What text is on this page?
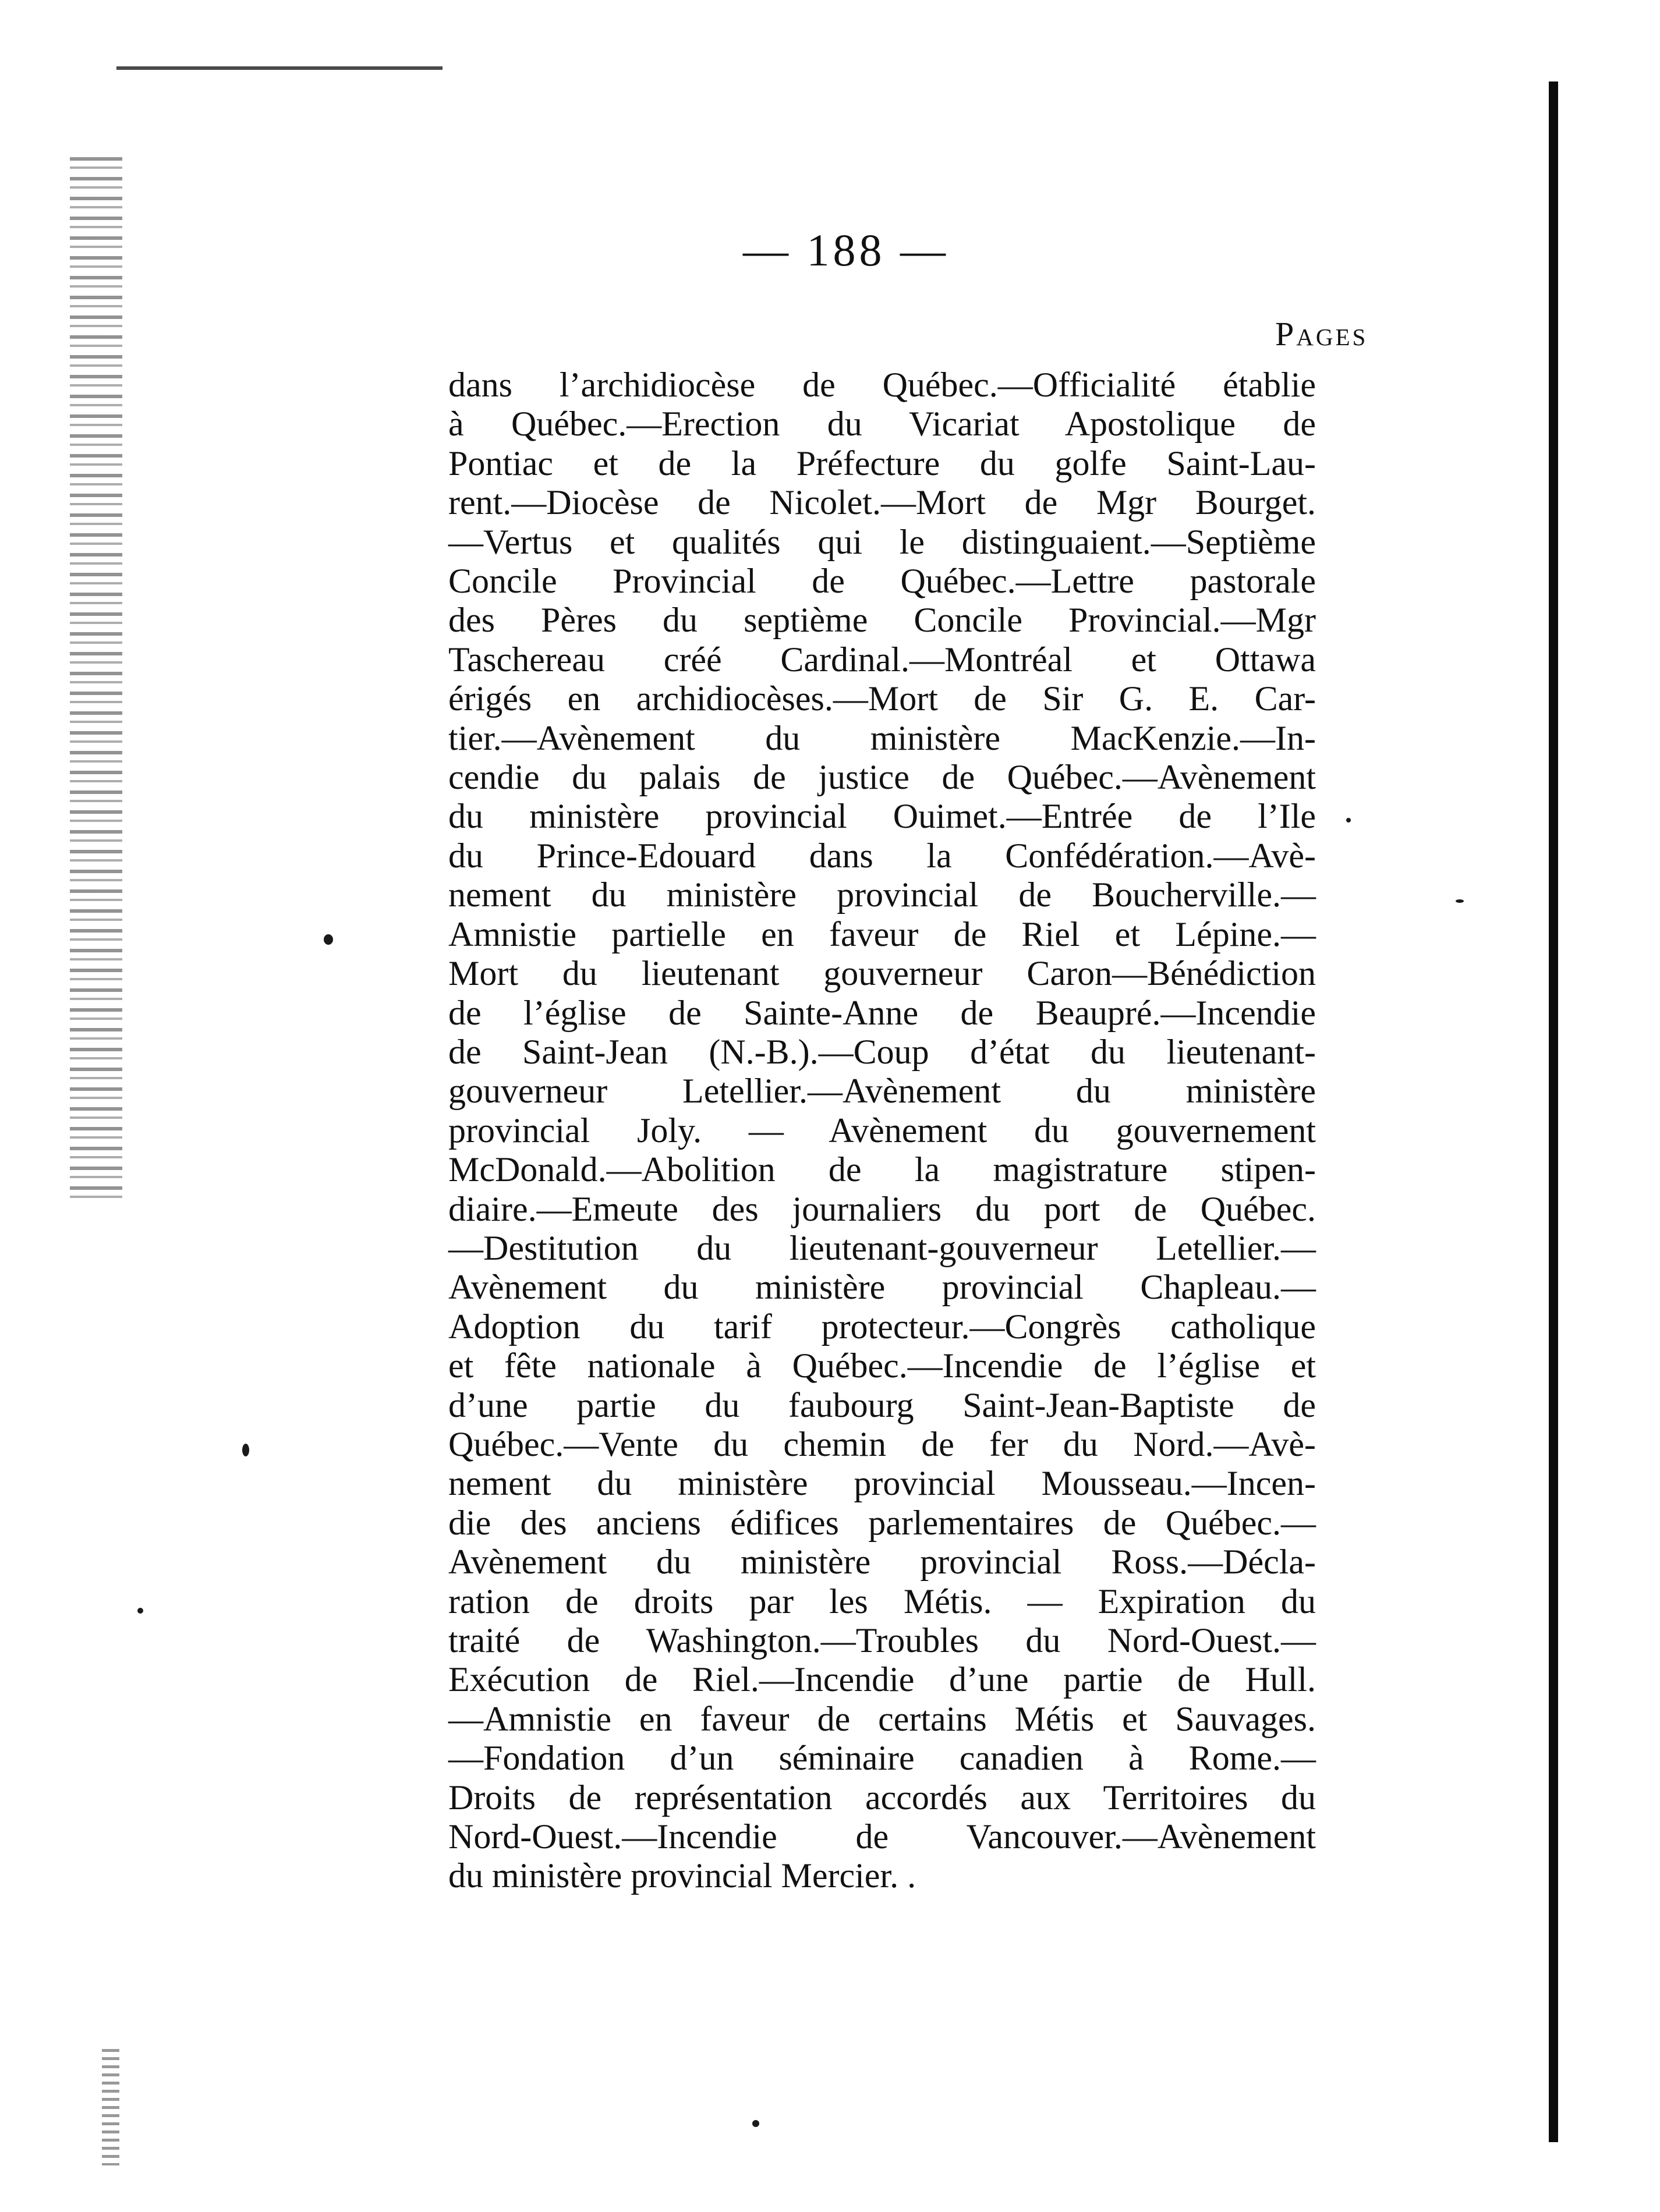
— 188 —
Pages
dans l’archidiocèse de Québec.—Officialité établie
à Québec.—Erection du Vicariat Apostolique de
Pontiac et de la Préfecture du golfe Saint-Lau-
rent.—Diocèse de Nicolet.—Mort de Mgr Bourget.
—Vertus et qualités qui le distinguaient.—Septième
Concile Provincial de Québec.—Lettre pastorale
des Pères du septième Concile Provincial.—Mgr
Taschereau créé Cardinal.—Montréal et Ottawa
érigés en archidiocèses.—Mort de Sir G. E. Car-
tier.—Avènement du ministère MacKenzie.—In-
cendie du palais de justice de Québec.—Avènement
du ministère provincial Ouimet.—Entrée de l’Ile
du Prince-Edouard dans la Confédération.—Avè-
nement du ministère provincial de Boucherville.—
Amnistie partielle en faveur de Riel et Lépine.—
Mort du lieutenant gouverneur Caron—Bénédiction
de l’église de Sainte-Anne de Beaupré.—Incendie
de Saint-Jean (N.-B.).—Coup d’état du lieutenant-
gouverneur Letellier.—Avènement du ministère
provincial Joly. — Avènement du gouvernement
McDonald.—Abolition de la magistrature stipen-
diaire.—Emeute des journaliers du port de Québec.
—Destitution du lieutenant-gouverneur Letellier.—
Avènement du ministère provincial Chapleau.—
Adoption du tarif protecteur.—Congrès catholique
et fête nationale à Québec.—Incendie de l’église et
d’une partie du faubourg Saint-Jean-Baptiste de
Québec.—Vente du chemin de fer du Nord.—Avè-
nement du ministère provincial Mousseau.—Incen-
die des anciens édifices parlementaires de Québec.—
Avènement du ministère provincial Ross.—Décla-
ration de droits par les Métis. — Expiration du
traité de Washington.—Troubles du Nord-Ouest.—
Exécution de Riel.—Incendie d’une partie de Hull.
—Amnistie en faveur de certains Métis et Sauvages.
—Fondation d’un séminaire canadien à Rome.—
Droits de représentation accordés aux Territoires du
Nord-Ouest.—Incendie de Vancouver.—Avènement
du ministère provincial Mercier. .
